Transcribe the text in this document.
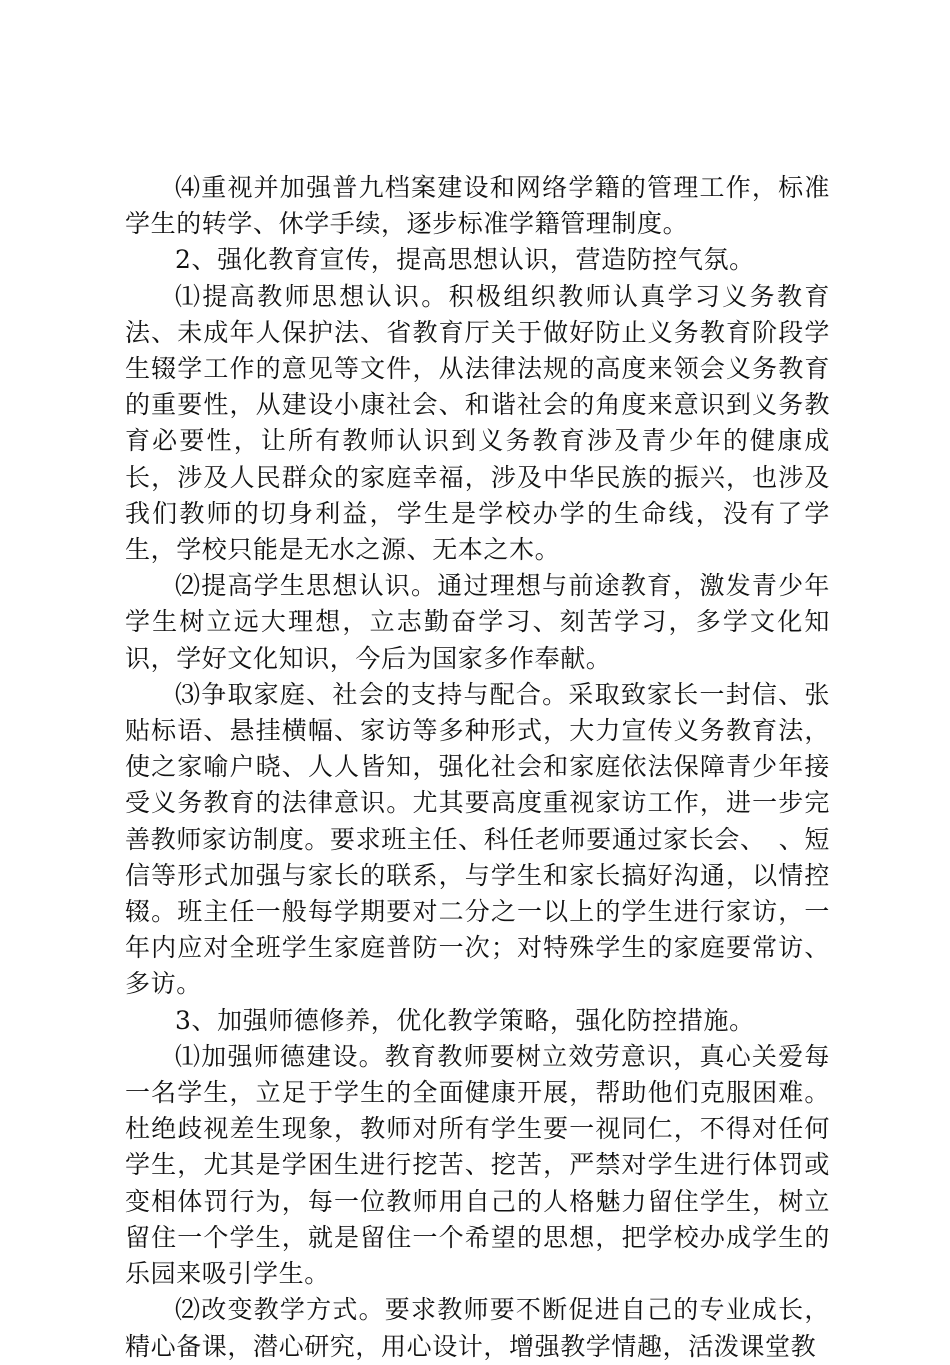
⑷重视并加强普九档案建设和网络学籍的管理工作，标准学生的转学、休学手续，逐步标准学籍管理制度。

2、强化教育宣传，提高思想认识，营造防控气氛。

⑴提高教师思想认识。积极组织教师认真学习义务教育法、未成年人保护法、省教育厅关于做好防止义务教育阶段学生辍学工作的意见等文件，从法律法规的高度来领会义务教育的重要性，从建设小康社会、和谐社会的角度来意识到义务教育必要性，让所有教师认识到义务教育涉及青少年的健康成长，涉及人民群众的家庭幸福，涉及中华民族的振兴，也涉及我们教师的切身利益，学生是学校办学的生命线，没有了学生，学校只能是无水之源、无本之木。

⑵提高学生思想认识。通过理想与前途教育，激发青少年学生树立远大理想，立志勤奋学习、刻苦学习，多学文化知识，学好文化知识，今后为国家多作奉献。

⑶争取家庭、社会的支持与配合。采取致家长一封信、张贴标语、悬挂横幅、家访等多种形式，大力宣传义务教育法，使之家喻户晓、人人皆知，强化社会和家庭依法保障青少年接受义务教育的法律意识。尤其要高度重视家访工作，进一步完善教师家访制度。要求班主任、科任老师要通过家长会、　、短信等形式加强与家长的联系，与学生和家长搞好沟通，以情控辍。班主任一般每学期要对二分之一以上的学生进行家访，一年内应对全班学生家庭普防一次；对特殊学生的家庭要常访、多访。

3、加强师德修养，优化教学策略，强化防控措施。

⑴加强师德建设。教育教师要树立效劳意识，真心关爱每一名学生，立足于学生的全面健康开展，帮助他们克服困难。杜绝歧视差生现象，教师对所有学生要一视同仁，不得对任何学生，尤其是学困生进行挖苦、挖苦，严禁对学生进行体罚或变相体罚行为，每一位教师用自己的人格魅力留住学生，树立留住一个学生，就是留住一个希望的思想，把学校办成学生的乐园来吸引学生。

⑵改变教学方式。要求教师要不断促进自己的专业成长，精心备课，潜心研究，用心设计，增强教学情趣，活泼课堂教
